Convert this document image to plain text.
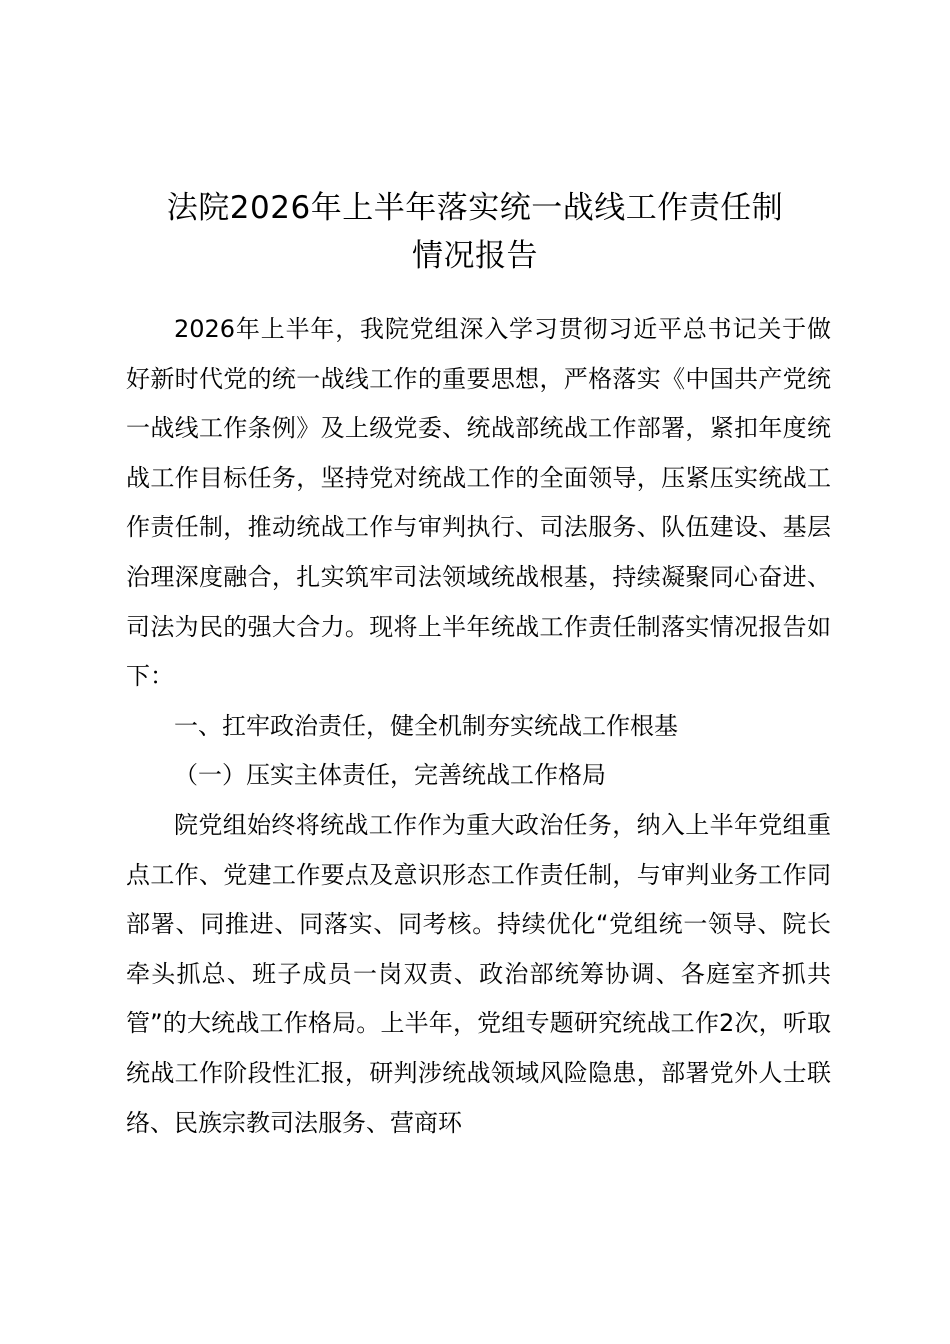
法院2026年上半年落实统一战线工作责任制
情况报告

2026年上半年，我院党组深入学习贯彻习近平总书记关于做好新时代党的统一战线工作的重要思想，严格落实《中国共产党统一战线工作条例》及上级党委、统战部统战工作部署，紧扣年度统战工作目标任务，坚持党对统战工作的全面领导，压紧压实统战工作责任制，推动统战工作与审判执行、司法服务、队伍建设、基层治理深度融合，扎实筑牢司法领域统战根基，持续凝聚同心奋进、司法为民的强大合力。现将上半年统战工作责任制落实情况报告如下：

一、扛牢政治责任，健全机制夯实统战工作根基

（一）压实主体责任，完善统战工作格局

院党组始终将统战工作作为重大政治任务，纳入上半年党组重点工作、党建工作要点及意识形态工作责任制，与审判业务工作同部署、同推进、同落实、同考核。持续优化“党组统一领导、院长牵头抓总、班子成员一岗双责、政治部统筹协调、各庭室齐抓共管”的大统战工作格局。上半年，党组专题研究统战工作2次，听取统战工作阶段性汇报，研判涉统战领域风险隐患，部署党外人士联络、民族宗教司法服务、营商环
